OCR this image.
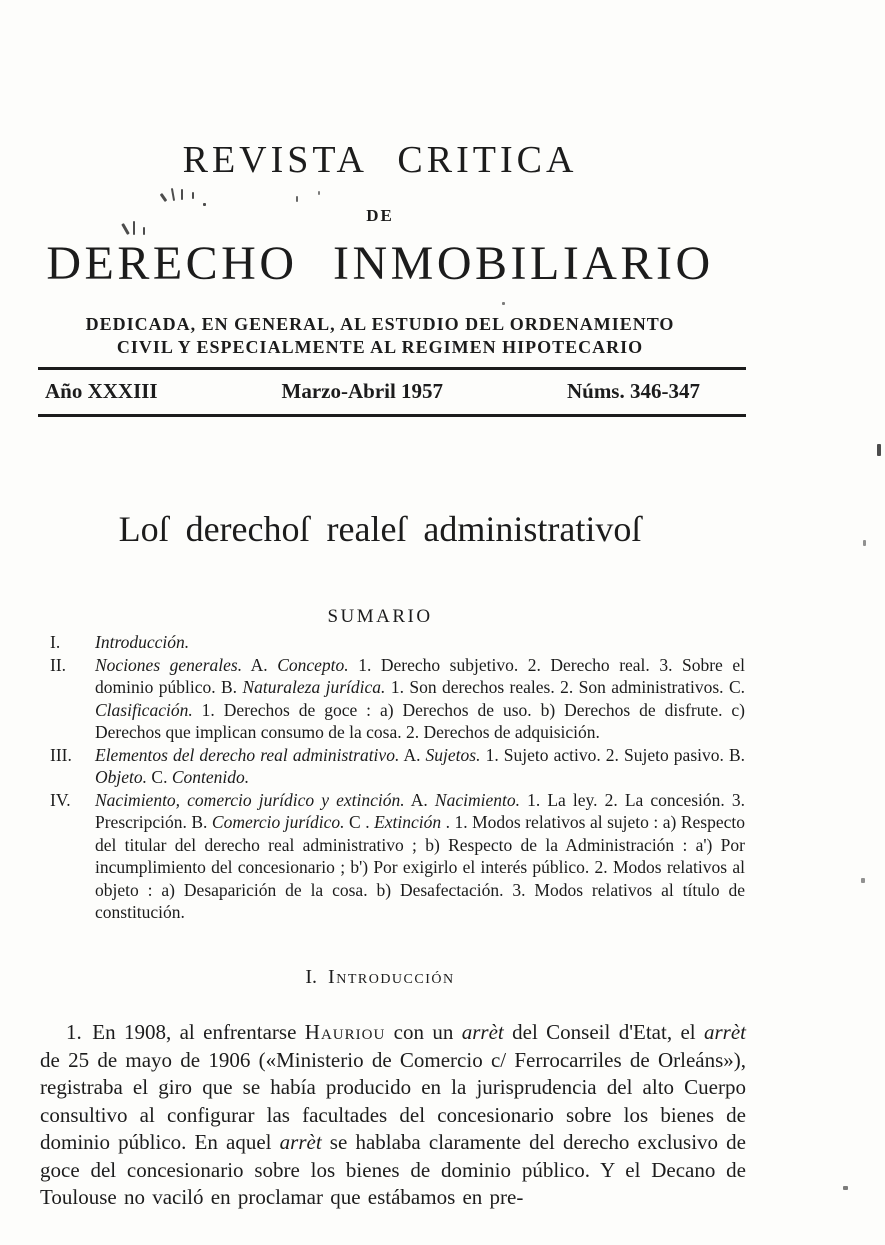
REVISTA CRITICA
DE
DERECHO INMOBILIARIO
DEDICADA, EN GENERAL, AL ESTUDIO DEL ORDENAMIENTO
CIVIL Y ESPECIALMENTE AL REGIMEN HIPOTECARIO
Año XXXIII	Marzo-Abril 1957	Núms. 346-347
Loſ derechoſ realeſ administrativoſ
SUMARIO
I. Introducción.
II. Nociones generales. A. Concepto. 1. Derecho subjetivo. 2. Derecho real. 3. Sobre el dominio público. B. Naturaleza jurídica. 1. Son derechos reales. 2. Son administrativos. C. Clasificación. 1. Derechos de goce : a) Derechos de uso. b) Derechos de disfrute. c) Derechos que implican consumo de la cosa. 2. Derechos de adquisición.
III. Elementos del derecho real administrativo. A. Sujetos. 1. Sujeto activo. 2. Sujeto pasivo. B. Objeto. C. Contenido.
IV. Nacimiento, comercio jurídico y extinción. A. Nacimiento. 1. La ley. 2. La concesión. 3. Prescripción. B. Comercio jurídico. C . Extinción . 1. Modos relativos al sujeto : a) Respecto del titular del derecho real administrativo ; b) Respecto de la Administración : a') Por incumplimiento del concesionario ; b') Por exigirlo el interés público. 2. Modos relativos al objeto : a) Desaparición de la cosa. b) Desafectación. 3. Modos relativos al título de constitución.
I. Introducción

1. En 1908, al enfrentarse Hauriou con un arrèt del Conseil d'Etat, el arrèt de 25 de mayo de 1906 («Ministerio de Comercio c/ Ferrocarriles de Orleáns»), registraba el giro que se había producido en la jurisprudencia del alto Cuerpo consultivo al configurar las facultades del concesionario sobre los bienes de dominio público. En aquel arrèt se hablaba claramente del derecho exclusivo de goce del concesionario sobre los bienes de dominio público. Y el Decano de Toulouse no vaciló en proclamar que estábamos en pre-
